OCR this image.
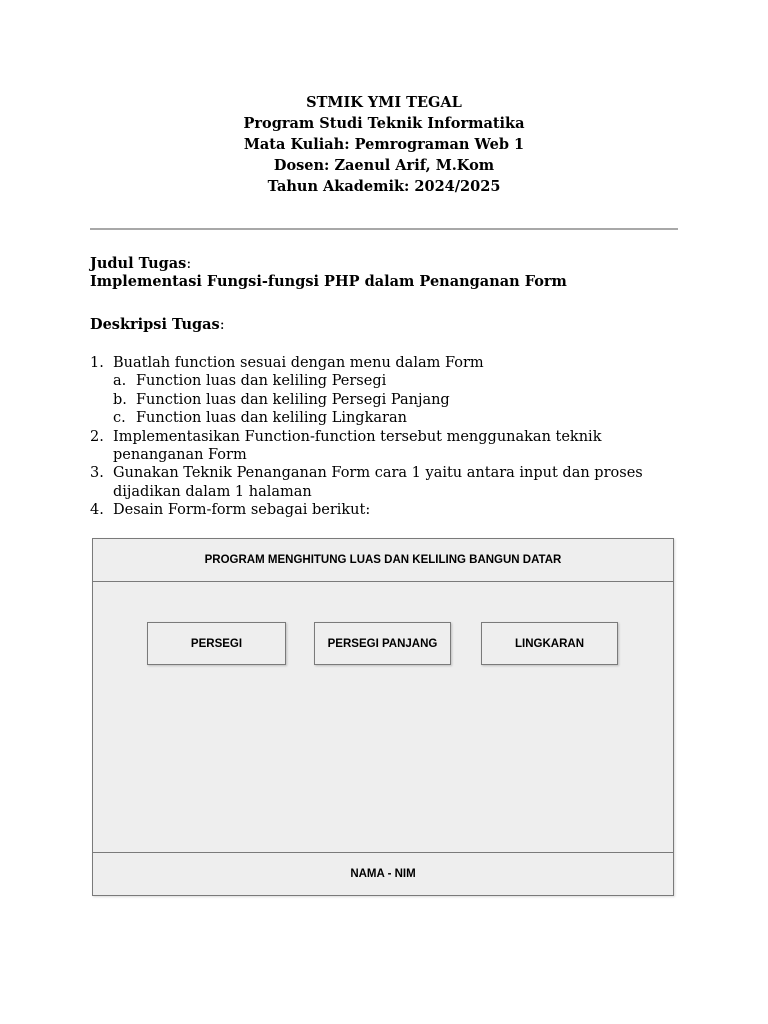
STMIK YMI TEGAL
Program Studi Teknik Informatika
Mata Kuliah: Pemrograman Web 1
Dosen: Zaenul Arif, M.Kom
Tahun Akademik: 2024/2025
Judul Tugas:
Implementasi Fungsi-fungsi PHP dalam Penanganan Form
Deskripsi Tugas:
1. Buatlah function sesuai dengan menu dalam Form
a. Function luas dan keliling Persegi
b. Function luas dan keliling Persegi Panjang
c. Function luas dan keliling Lingkaran
2. Implementasikan Function-function tersebut menggunakan teknik penanganan Form
3. Gunakan Teknik Penanganan Form cara 1 yaitu antara input dan proses dijadikan dalam 1 halaman
4. Desain Form-form sebagai berikut:
PROGRAM MENGHITUNG LUAS DAN KELILING BANGUN DATAR
PERSEGI	PERSEGI PANJANG	LINGKARAN
NAMA - NIM
